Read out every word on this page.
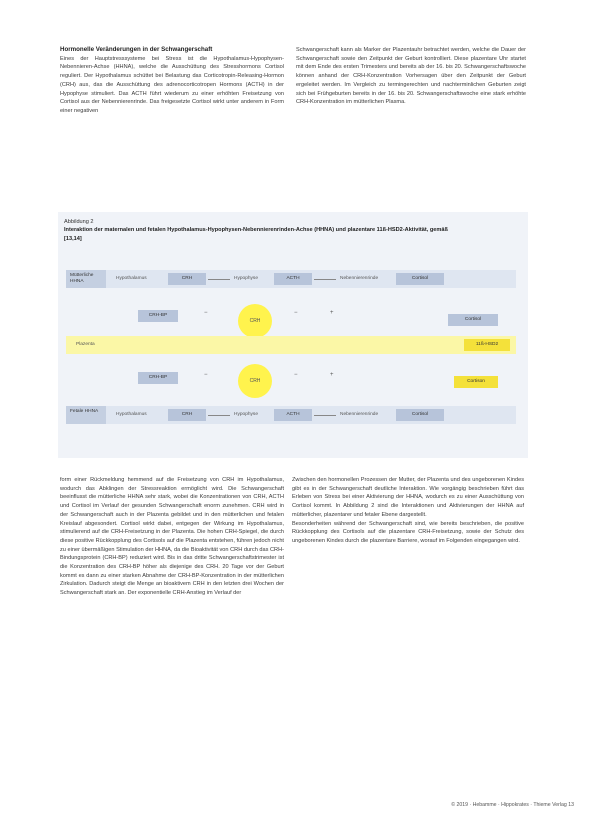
Hormonelle Veränderungen in der Schwangerschaft

Eines der Hauptstresssysteme bei Stress ist die Hypothalamus-Hypophysen-Nebennieren-Achse (HHNA), welche die Ausschüttung des Stresshormons Cortisol reguliert. Der Hypothalamus schüttet bei Belastung das Corticotropin-Releasing-Hormon (CRH) aus, das die Ausschüttung des adrenocorticotropen Hormons (ACTH) in der Hypophyse stimuliert. Das ACTH führt wiederum zu einer erhöhten Freisetzung von Cortisol aus der Nebennierenrinde. Das freigesetzte Cortisol wirkt unter anderem in Form einer negativen

Schwangerschaft kann als Marker der Plazentauhr betrachtet werden, welche die Dauer der Schwangerschaft sowie den Zeitpunkt der Geburt kontrolliert. Diese plazentare Uhr startet mit dem Ende des ersten Trimesters und bereits ab der 16. bis 20. Schwangerschaftswoche können anhand der CRH-Konzentration Vorhersagen über den Zeitpunkt der Geburt ergeleitet werden. Im Vergleich zu termingerechten und nachterminlichen Geburten zeigt sich bei Frühgeburten bereits in der 16. bis 20. Schwangerschaftswoche eine stark erhöhte CRH-Konzentration im mütterlichen Plasma.

Abbildung 2
Interaktion der maternalen und fetalen Hypothalamus-Hypophysen-Nebennierenrinden-Achse (HHNA) und plazentare 11ß-HSD2-Aktivität, gemäß [13,14]
Mütterliche HHNA
Hypothalamus	CRH	Hypophyse	ACTH	Nebennierenrinde	Cortisol
CRH-BP	−
CRH
−	+
Cortisol
Plazenta	11ß-HSD2
CRH-BP	−
CRH
−	+
Cortison
Fetale HHNA
Hypothalamus	CRH	Hypophyse	ACTH	Nebennierenrinde	Cortisol

form einer Rückmeldung hemmend auf die Freisetzung von CRH im Hypothalamus, wodurch das Abklingen der Stressreaktion ermöglicht wird. Die Schwangerschaft beeinflusst die mütterliche HHNA sehr stark, wobei die Konzentrationen von CRH, ACTH und Cortisol im Verlauf der gesunden Schwangerschaft enorm zunehmen. CRH wird in der Schwangerschaft auch in der Plazenta gebildet und in den mütterlichen und fetalen Kreislauf abgesondert. Cortisol wirkt dabei, entgegen der Wirkung im Hypothalamus, stimulierend auf die CRH-Freisetzung in der Plazenta. Die hohen CRH-Spiegel, die durch diese positive Rückkopplung des Cortisols auf die Plazenta entstehen, führen jedoch nicht zu einer übermäßigen Stimulation der HHNA, da die Bioaktivität von CRH durch das CRH-Bindungsprotein (CRH-BP) reduziert wird. Bis in das dritte Schwangerschaftstrimester ist die Konzentration des CRH-BP höher als diejenige des CRH. 20 Tage vor der Geburt kommt es dann zu einer starken Abnahme der CRH-BP-Konzentration in der mütterlichen Zirkulation. Dadurch steigt die Menge an bioaktivem CRH in den letzten drei Wochen der Schwangerschaft stark an. Der exponentielle CRH-Anstieg im Verlauf der

Zwischen den hormonellen Prozessen der Mutter, der Plazenta und des ungeborenen Kindes gibt es in der Schwangerschaft deutliche Interaktion. Wie vorgängig beschrieben führt das Erleben von Stress bei einer Aktivierung der HHNA, wodurch es zu einer Ausschüttung von Cortisol kommt. In Abbildung 2 sind die Interaktionen und Aktivierungen der HHNA auf mütterlicher, plazentarer und fetaler Ebene dargestellt.

Besonderheiten während der Schwangerschaft sind, wie bereits beschrieben, die positive Rückkopplung des Cortisols auf die plazentare CRH-Freisetzung, sowie der Schutz des ungeborenen Kindes durch die plazentare Barriere, worauf im Folgenden eingegangen wird.

© 2019 · Hebamme · Hippokrates · Thieme Verlag 13
